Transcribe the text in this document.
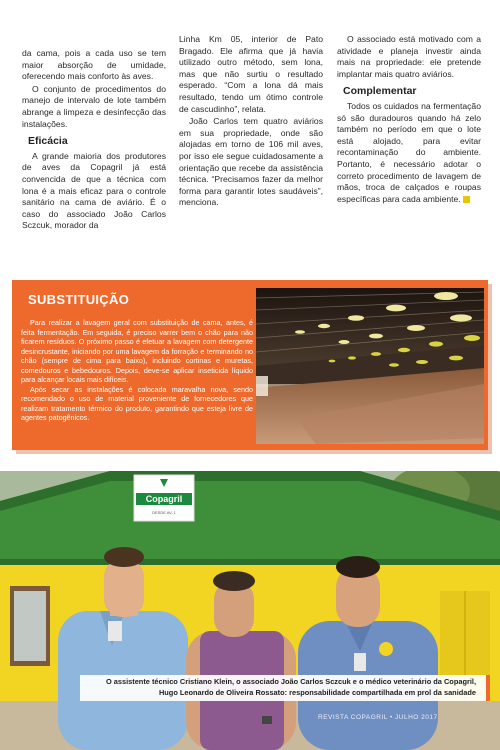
da cama, pois a cada uso se tem maior absorção de umidade, oferecendo mais conforto às aves.

O conjunto de procedimentos do manejo de intervalo de lote também abrange a limpeza e desinfecção das instalações.

Eficácia

A grande maioria dos produtores de aves da Copagril já está convencida de que a técnica com lona é a mais eficaz para o controle sanitário na cama de aviário. É o caso do associado João Carlos Sczcuk, morador da

Linha Km 05, interior de Pato Bragado. Ele afirma que já havia utilizado outro método, sem lona, mas que não surtiu o resultado esperado. “Com a lona dá mais resultado, tendo um ótimo controle de cascudinho”, relata.

João Carlos tem quatro aviários em sua propriedade, onde são alojadas em torno de 106 mil aves, por isso ele segue cuidadosamente a orientação que recebe da assistência técnica. “Precisamos fazer da melhor forma para garantir lotes saudáveis”, menciona.

O associado está motivado com a atividade e planeja investir ainda mais na propriedade: ele pretende implantar mais quatro aviários.

Complementar

Todos os cuidados na fermentação só são duradouros quando há zelo também no período em que o lote está alojado, para evitar recontaminação do ambiente. Portanto, é necessário adotar o correto procedimento de lavagem de mãos, troca de calçados e roupas específicas para cada ambiente.

SUBSTITUIÇÃO

Para realizar a lavagem geral com substituição de cama, antes, é feita fermentação. Em seguida, é preciso varrer bem o chão para não ficarem resíduos. O próximo passo é efetuar a lavagem com detergente desincrustante, iniciando por uma lavagem da forração e terminando no chão (sempre de cima para baixo), incluindo cortinas e muretas, comedouros e bebedouros. Depois, deve-se aplicar inseticida líquido para alcançar locais mais difíceis.

Após secar as instalações é colocada maravalha nova, sendo recomendado o uso de material proveniente de fornecedores que realizam tratamento térmico do produto, garantindo que esteja livre de agentes patogênicos.

Copagril
DESDE AV. 1
O assistente técnico Cristiano Klein, o associado João Carlos Sczcuk e o médico veterinário da Copagril,
Hugo Leonardo de Oliveira Rossato: responsabilidade compartilhada em prol da sanidade
REVISTA COPAGRIL • JULHO 2017
